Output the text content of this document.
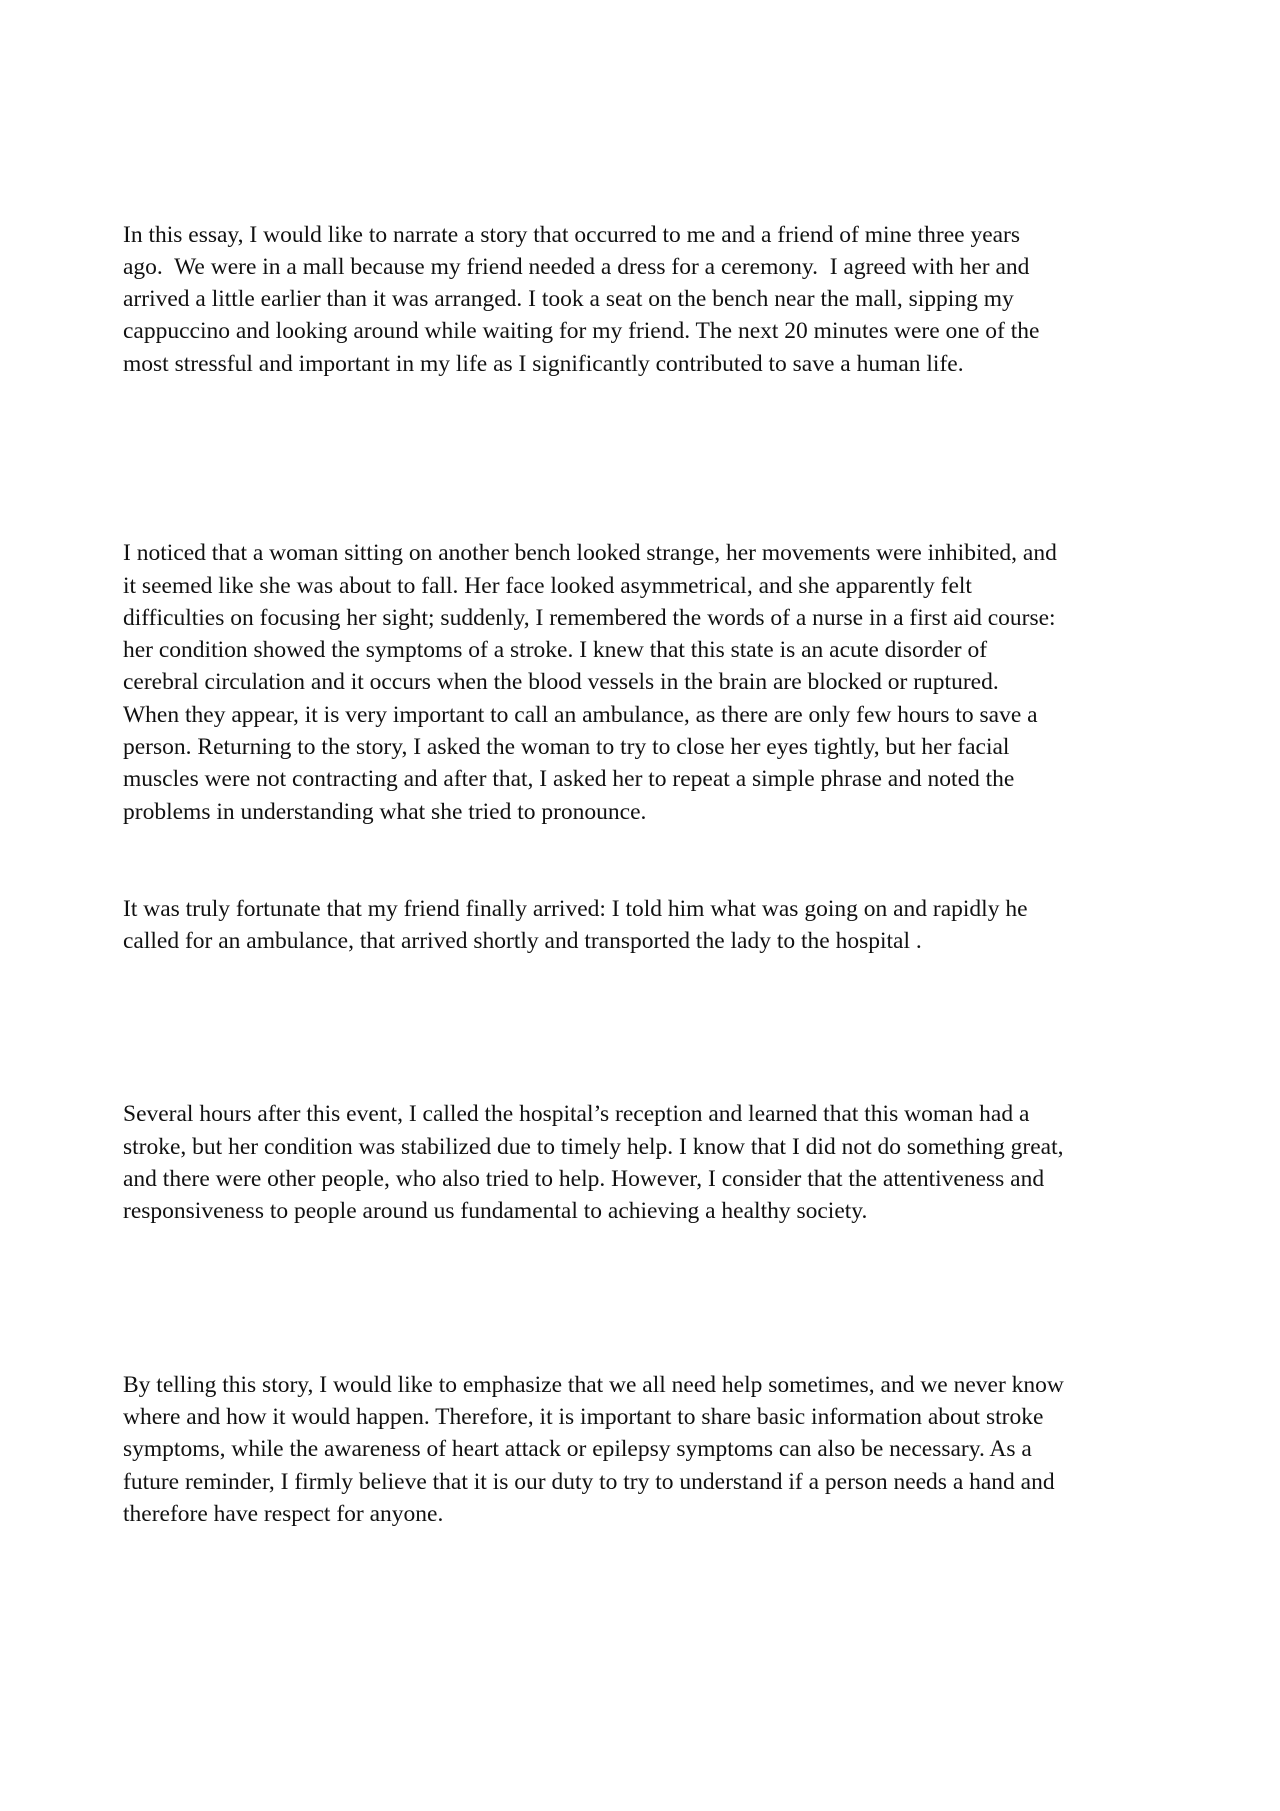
In this essay, I would like to narrate a story that occurred to me and a friend of mine three years
ago.  We were in a mall because my friend needed a dress for a ceremony.  I agreed with her and
arrived a little earlier than it was arranged. I took a seat on the bench near the mall, sipping my
cappuccino and looking around while waiting for my friend. The next 20 minutes were one of the
most stressful and important in my life as I significantly contributed to save a human life.

I noticed that a woman sitting on another bench looked strange, her movements were inhibited, and
it seemed like she was about to fall. Her face looked asymmetrical, and she apparently felt
difficulties on focusing her sight; suddenly, I remembered the words of a nurse in a first aid course:
her condition showed the symptoms of a stroke. I knew that this state is an acute disorder of
cerebral circulation and it occurs when the blood vessels in the brain are blocked or ruptured.
When they appear, it is very important to call an ambulance, as there are only few hours to save a
person. Returning to the story, I asked the woman to try to close her eyes tightly, but her facial
muscles were not contracting and after that, I asked her to repeat a simple phrase and noted the
problems in understanding what she tried to pronounce.

It was truly fortunate that my friend finally arrived: I told him what was going on and rapidly he
called for an ambulance, that arrived shortly and transported the lady to the hospital .

Several hours after this event, I called the hospital’s reception and learned that this woman had a
stroke, but her condition was stabilized due to timely help. I know that I did not do something great,
and there were other people, who also tried to help. However, I consider that the attentiveness and
responsiveness to people around us fundamental to achieving a healthy society.

By telling this story, I would like to emphasize that we all need help sometimes, and we never know
where and how it would happen. Therefore, it is important to share basic information about stroke
symptoms, while the awareness of heart attack or epilepsy symptoms can also be necessary. As a
future reminder, I firmly believe that it is our duty to try to understand if a person needs a hand and
therefore have respect for anyone.
